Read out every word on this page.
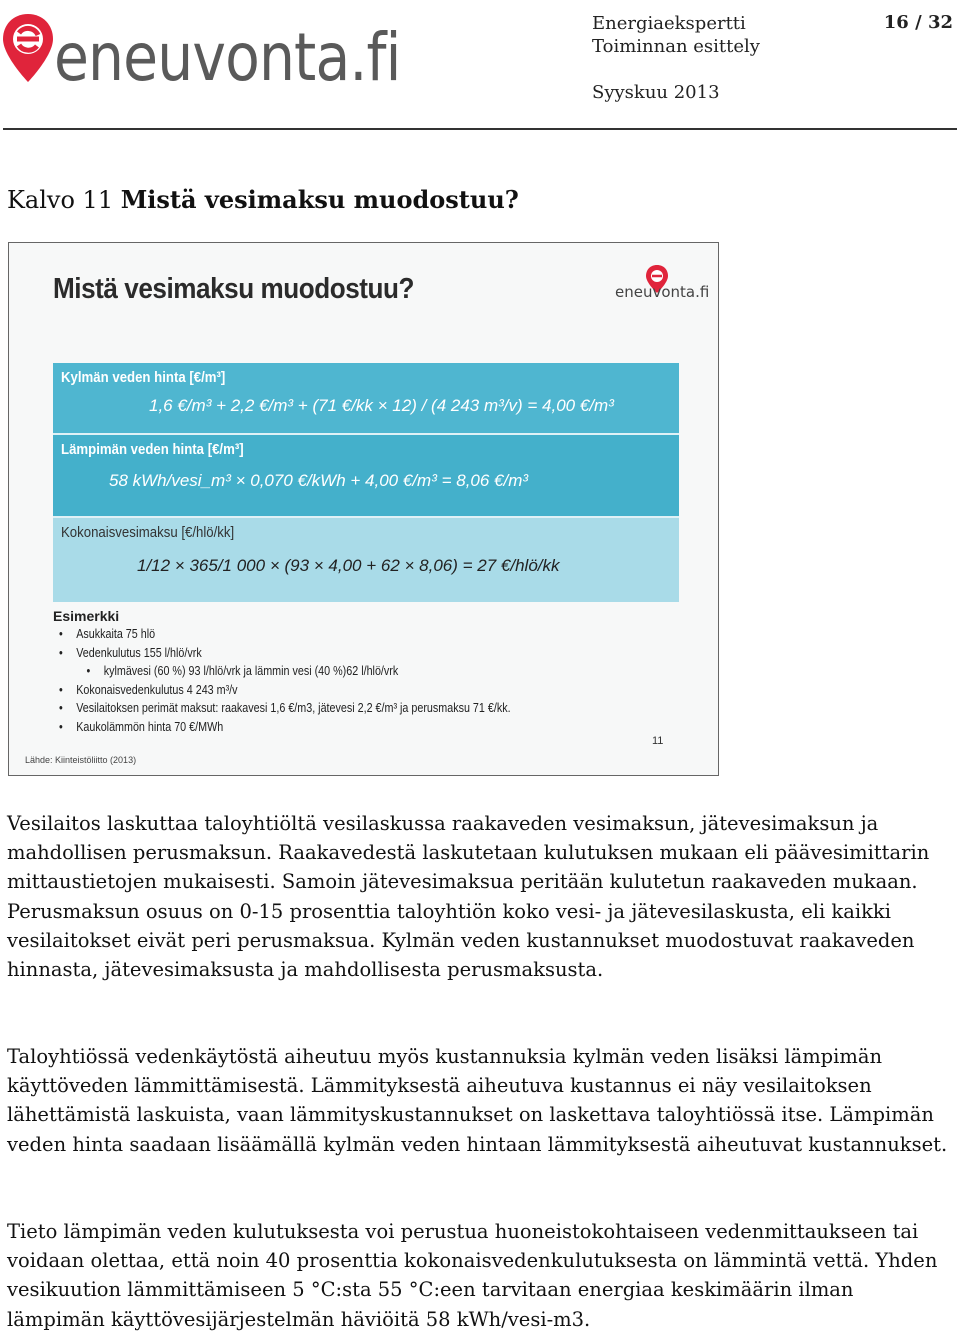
eneuvonta.fi	Energiaekspertti
Toiminnan esittely
Syyskuu 2013
16 / 32
Kalvo 11 Mistä vesimaksu muodostuu?
Mistä vesimaksu muodostuu?	eneuvonta.fi
Kylmän veden hinta [€/m³]
1,6 €/m³ + 2,2 €/m³ + (71 €/kk × 12) / (4 243 m³/v) = 4,00 €/m³
Lämpimän veden hinta [€/m³]
58 kWh/vesi_m³ × 0,070 €/kWh + 4,00 €/m³ = 8,06 €/m³
Kokonaisvesimaksu [€/hlö/kk]
1/12 × 365/1 000 × (93 × 4,00 + 62 × 8,06) = 27 €/hlö/kk
Esimerkki
• Asukkaita 75 hlö
• Vedenkulutus 155 l/hlö/vrk
• kylmävesi (60 %) 93 l/hlö/vrk ja lämmin vesi (40 %)62 l/hlö/vrk
• Kokonaisvedenkulutus 4 243 m³/v
• Vesilaitoksen perimät maksut: raakavesi 1,6 €/m3, jätevesi 2,2 €/m³ ja perusmaksu 71 €/kk.
• Kaukolämmön hinta 70 €/MWh
11
Lähde: Kiinteistöliitto (2013)

Vesilaitos laskuttaa taloyhtiöltä vesilaskussa raakaveden vesimaksun, jätevesimaksun ja mahdollisen perusmaksun. Raakavedestä laskutetaan kulutuksen mukaan eli päävesimittarin mittaustietojen mukaisesti. Samoin jätevesimaksua peritään kulutetun raakaveden mukaan. Perusmaksun osuus on 0-15 prosenttia taloyhtiön koko vesi- ja jätevesilaskusta, eli kaikki vesilaitokset eivät peri perusmaksua. Kylmän veden kustannukset muodostuvat raakaveden hinnasta, jätevesimaksusta ja mahdollisesta perusmaksusta.

Taloyhtiössä vedenkäytöstä aiheutuu myös kustannuksia kylmän veden lisäksi lämpimän käyttöveden lämmittämisestä. Lämmityksestä aiheutuva kustannus ei näy vesilaitoksen lähettämistä laskuista, vaan lämmityskustannukset on laskettava taloyhtiössä itse. Lämpimän veden hinta saadaan lisäämällä kylmän veden hintaan lämmityksestä aiheutuvat kustannukset.

Tieto lämpimän veden kulutuksesta voi perustua huoneistokohtaiseen vedenmittaukseen tai voidaan olettaa, että noin 40 prosenttia kokonaisvedenkulutuksesta on lämmintä vettä. Yhden vesikuution lämmittämiseen 5 °C:sta 55 °C:een tarvitaan energiaa keskimäärin ilman lämpimän käyttövesijärjestelmän häviöitä 58 kWh/vesi-m3.
